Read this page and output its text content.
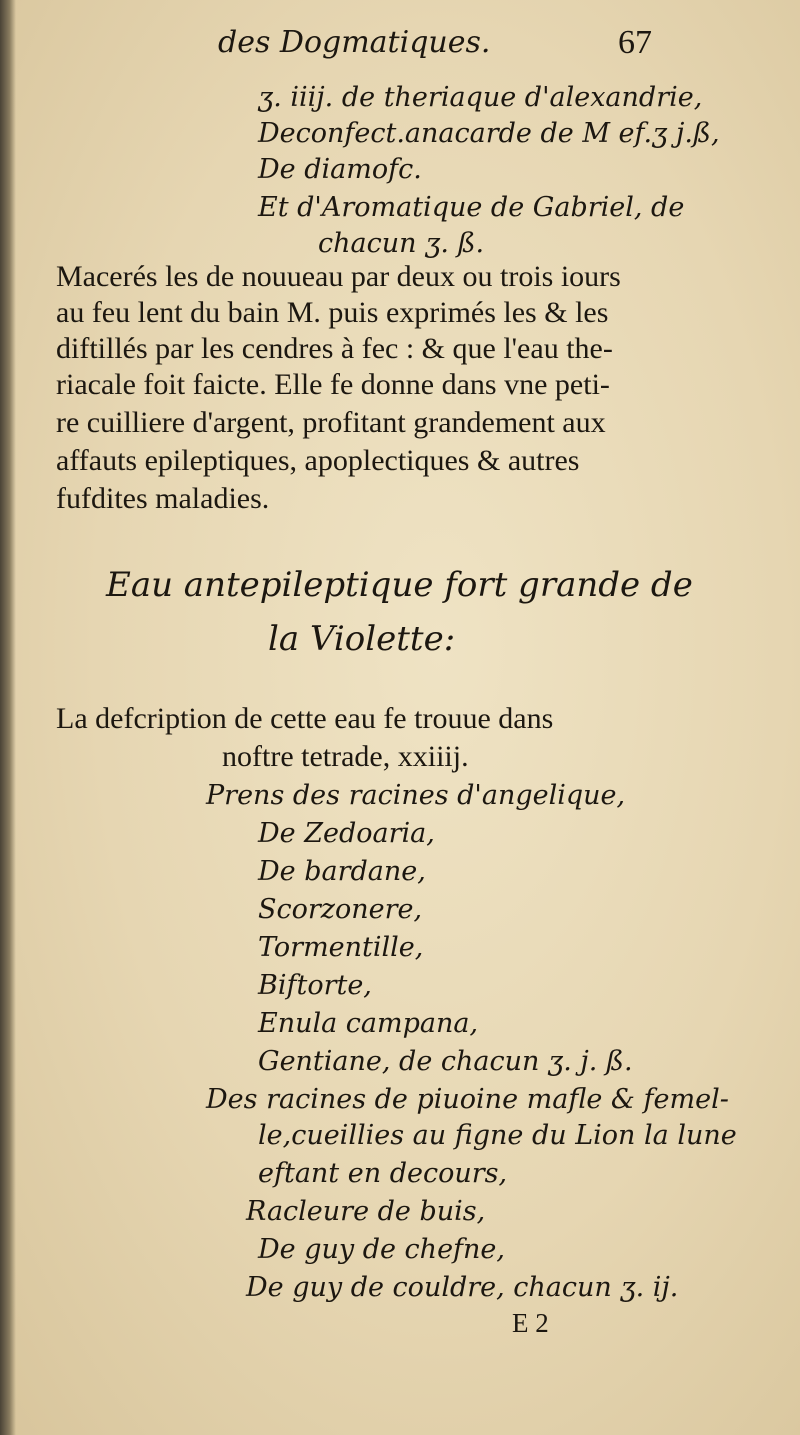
des Dogmatiques.	67
ʒ. iiij. de theriaque d'alexandrie,
Deconfect.anacarde de M ef.ʒ j.ß,
De diamofc.
Et d'Aromatique de Gabriel, de
chacun ʒ. ß.
Macerés les de nouueau par deux ou trois iours
au feu lent du bain M. puis exprimés les & les
diftillés par les cendres à fec : & que l'eau the-
riacale foit faicte. Elle fe donne dans vne peti-
re cuilliere d'argent, profitant grandement aux
affauts epileptiques, apoplectiques & autres
fufdites maladies.
Eau antepileptique fort grande de
la Violette:
La defcription de cette eau fe trouue dans
noftre tetrade, xxiiij.
Prens des racines d'angelique,
De Zedoaria,
De bardane,
Scorzonere,
Tormentille,
Biftorte,
Enula campana,
Gentiane, de chacun ʒ. j. ß.
Des racines de piuoine mafle & femel-
le,cueillies au figne du Lion la lune
eftant en decours,
Racleure de buis,
De guy de chefne,
De guy de couldre, chacun ʒ. ij.
E 2
